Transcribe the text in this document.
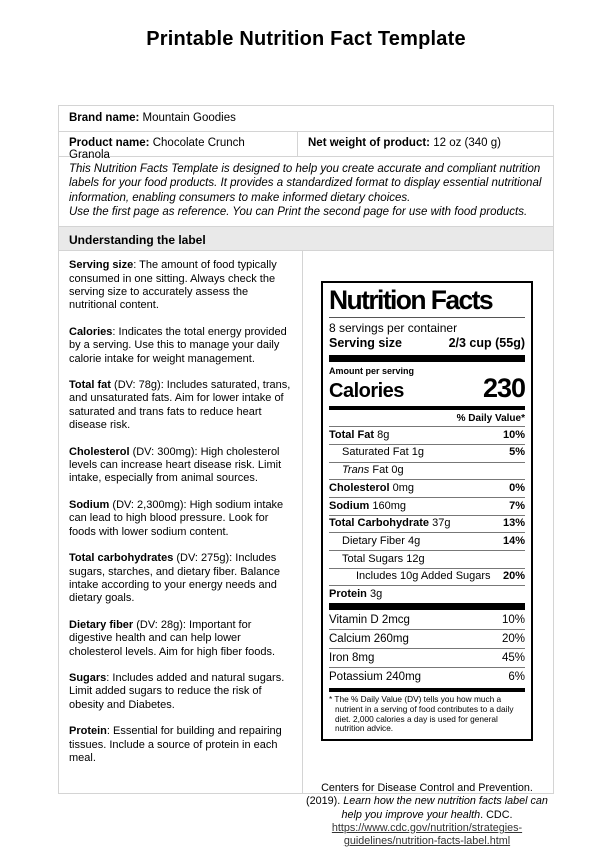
Printable Nutrition Fact Template
Brand name: Mountain Goodies
Product name: Chocolate Crunch Granola
Net weight of product: 12 oz (340 g)
This Nutrition Facts Template is designed to help you create accurate and compliant nutrition labels for your food products. It provides a standardized format to display essential nutritional information, enabling consumers to make informed dietary choices.
Use the first page as reference. You can Print the second page for use with food products.
Understanding the label

Serving size: The amount of food typically consumed in one sitting. Always check the serving size to accurately assess the nutritional content.

Calories: Indicates the total energy provided by a serving. Use this to manage your daily calorie intake for weight management.

Total fat (DV: 78g): Includes saturated, trans, and unsaturated fats. Aim for lower intake of saturated and trans fats to reduce heart disease risk.

Cholesterol (DV: 300mg): High cholesterol levels can increase heart disease risk. Limit intake, especially from animal sources.

Sodium (DV: 2,300mg): High sodium intake can lead to high blood pressure. Look for foods with lower sodium content.

Total carbohydrates (DV: 275g): Includes sugars, starches, and dietary fiber. Balance intake according to your energy needs and dietary goals.

Dietary fiber (DV: 28g): Important for digestive health and can help lower cholesterol levels. Aim for high fiber foods.

Sugars: Includes added and natural sugars. Limit added sugars to reduce the risk of obesity and Diabetes.

Protein: Essential for building and repairing tissues. Include a source of protein in each meal.

Nutrition Facts
8 servings per container
Serving size	2/3 cup (55g)
Amount per serving
Calories	230
% Daily Value*
Total Fat 8g	10%
Saturated Fat 1g	5%
Trans Fat 0g
Cholesterol 0mg	0%
Sodium 160mg	7%
Total Carbohydrate 37g	13%
Dietary Fiber 4g	14%
Total Sugars 12g
Includes 10g Added Sugars 20%
Protein 3g
Vitamin D 2mcg	10%
Calcium 260mg	20%
Iron 8mg	45%
Potassium 240mg	6%
* The % Daily Value (DV) tells you how much a nutrient in a serving of food contributes to a daily diet. 2,000 calories a day is used for general nutrition advice.
Centers for Disease Control and Prevention. (2019). Learn how the new nutrition facts label can help you improve your health. CDC. https://www.cdc.gov/nutrition/strategies-guidelines/nutrition-facts-label.html
